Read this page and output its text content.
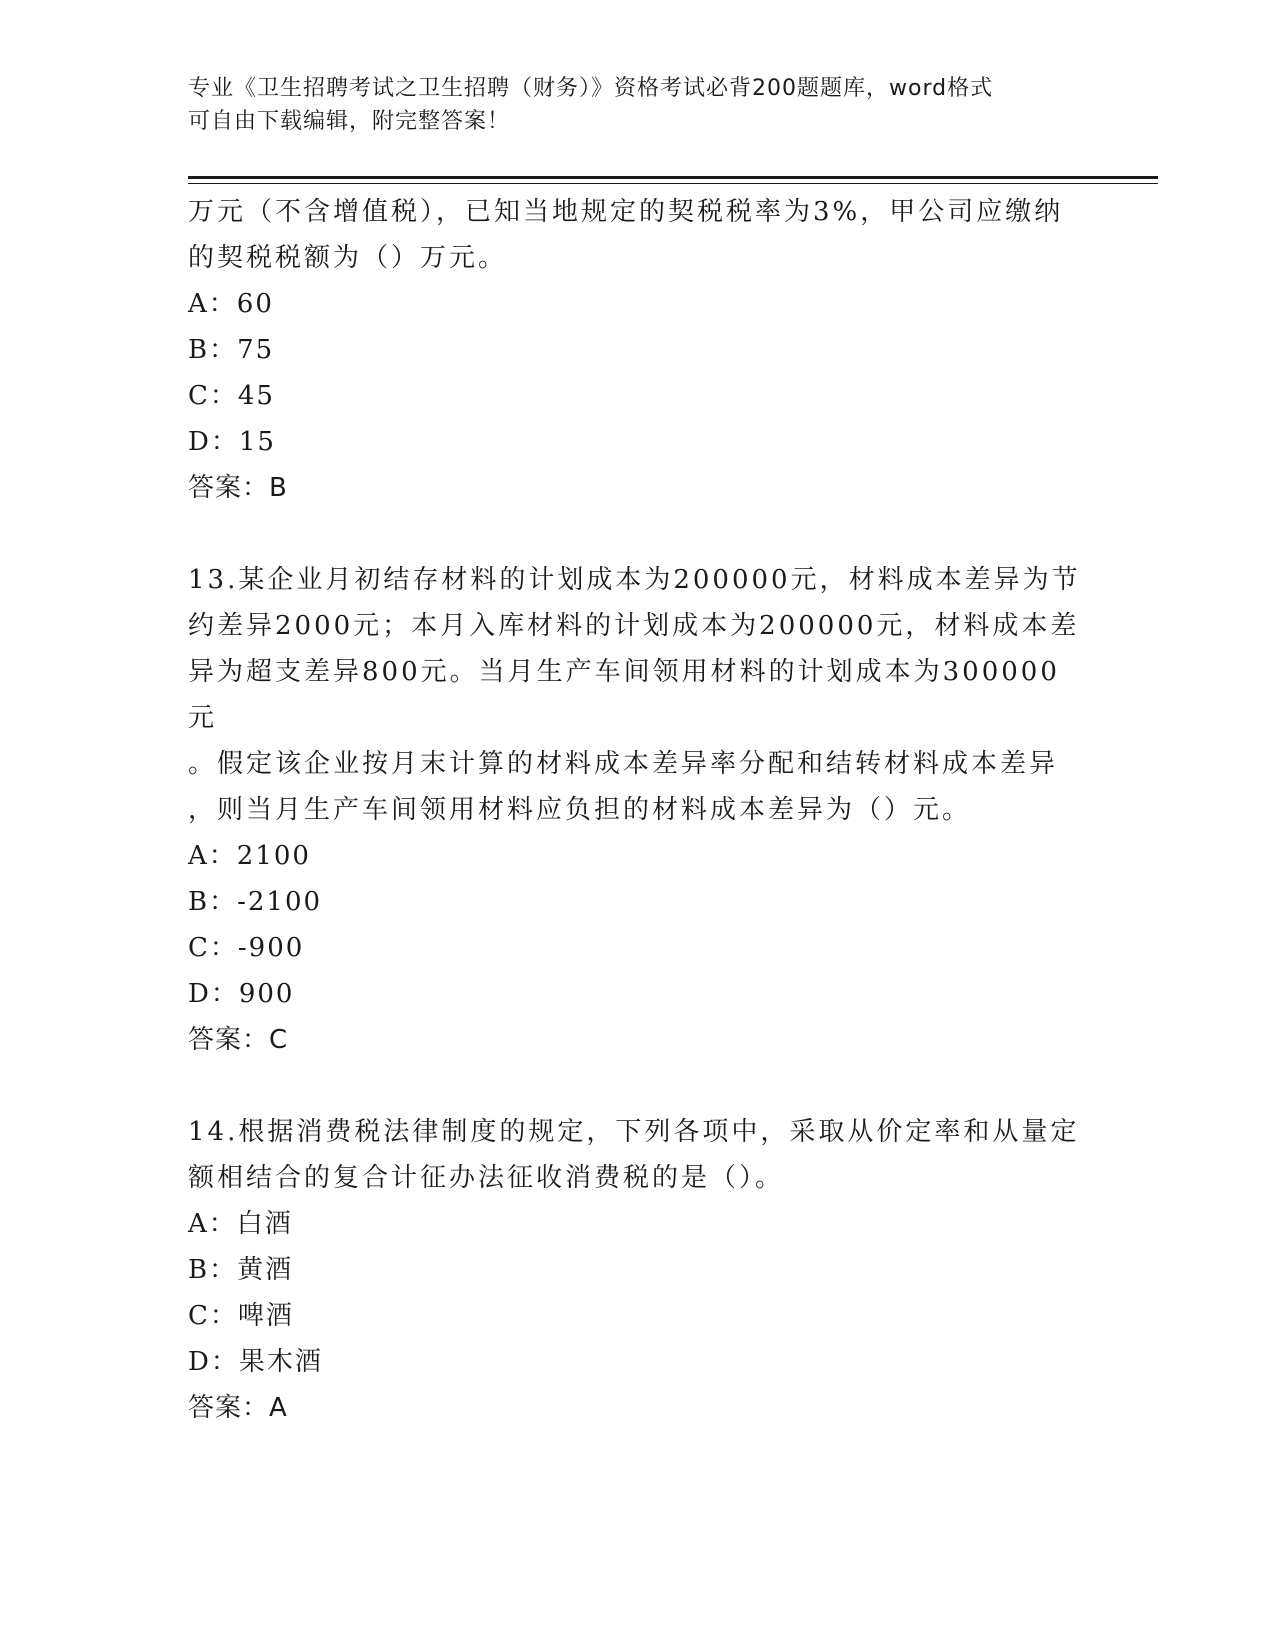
专业《卫生招聘考试之卫生招聘（财务）》资格考试必背200题题库，word格式
可自由下载编辑，附完整答案！
万元（不含增值税），已知当地规定的契税税率为3%，甲公司应缴纳
的契税税额为（）万元。
A：60
B：75
C：45
D：15
答案：B
13.某企业月初结存材料的计划成本为200000元，材料成本差异为节
约差异2000元；本月入库材料的计划成本为200000元，材料成本差
异为超支差异800元。当月生产车间领用材料的计划成本为300000元
。假定该企业按月末计算的材料成本差异率分配和结转材料成本差异
，则当月生产车间领用材料应负担的材料成本差异为（）元。
A：2100
B：-2100
C：-900
D：900
答案：C
14.根据消费税法律制度的规定，下列各项中，采取从价定率和从量定
额相结合的复合计征办法征收消费税的是（）。
A：白酒
B：黄酒
C：啤酒
D：果木酒
答案：A
